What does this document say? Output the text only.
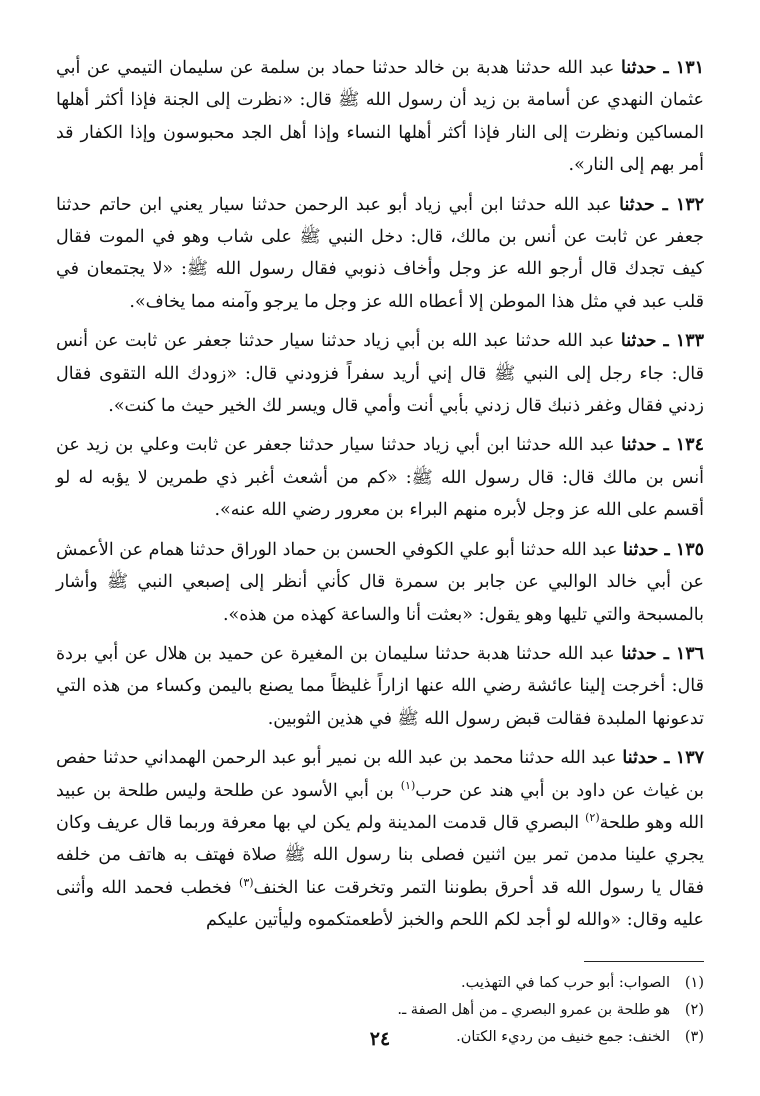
١٣١ ـ حدثنا عبد الله حدثنا هدبة بن خالد حدثنا حماد بن سلمة عن سليمان التيمي عن أبي عثمان النهدي عن أسامة بن زيد أن رسول الله ﷺ قال: «نظرت إلى الجنة فإذا أكثر أهلها المساكين ونظرت إلى النار فإذا أكثر أهلها النساء وإذا أهل الجد محبوسون وإذا الكفار قد أمر بهم إلى النار».

١٣٢ ـ حدثنا عبد الله حدثنا ابن أبي زياد أبو عبد الرحمن حدثنا سيار يعني ابن حاتم حدثنا جعفر عن ثابت عن أنس بن مالك، قال: دخل النبي ﷺ على شاب وهو في الموت فقال كيف تجدك قال أرجو الله عز وجل وأخاف ذنوبي فقال رسول الله ﷺ: «لا يجتمعان في قلب عبد في مثل هذا الموطن إلا أعطاه الله عز وجل ما يرجو وآمنه مما يخاف».

١٣٣ ـ حدثنا عبد الله حدثنا عبد الله بن أبي زياد حدثنا سيار حدثنا جعفر عن ثابت عن أنس قال: جاء رجل إلى النبي ﷺ قال إني أريد سفراً فزودني قال: «زودك الله التقوى فقال زدني فقال وغفر ذنبك قال زدني بأبي أنت وأمي قال ويسر لك الخير حيث ما كنت».

١٣٤ ـ حدثنا عبد الله حدثنا ابن أبي زياد حدثنا سيار حدثنا جعفر عن ثابت وعلي بن زيد عن أنس بن مالك قال: قال رسول الله ﷺ: «كم من أشعث أغبر ذي طمرين لا يؤبه له لو أقسم على الله عز وجل لأبره منهم البراء بن معرور رضي الله عنه».

١٣٥ ـ حدثنا عبد الله حدثنا أبو علي الكوفي الحسن بن حماد الوراق حدثنا همام عن الأعمش عن أبي خالد الوالبي عن جابر بن سمرة قال كأني أنظر إلى إصبعي النبي ﷺ وأشار بالمسبحة والتي تليها وهو يقول: «بعثت أنا والساعة كهذه من هذه».

١٣٦ ـ حدثنا عبد الله حدثنا هدبة حدثنا سليمان بن المغيرة عن حميد بن هلال عن أبي بردة قال: أخرجت إلينا عائشة رضي الله عنها ازاراً غليظاً مما يصنع باليمن وكساء من هذه التي تدعونها الملبدة فقالت قبض رسول الله ﷺ في هذين الثوبين.

١٣٧ ـ حدثنا عبد الله حدثنا محمد بن عبد الله بن نمير أبو عبد الرحمن الهمداني حدثنا حفص بن غياث عن داود بن أبي هند عن حرب$^{(١)}$ بن أبي الأسود عن طلحة وليس طلحة بن عبيد الله وهو طلحة$^{(٢)}$ البصري قال قدمت المدينة ولم يكن لي بها معرفة وربما قال عريف وكان يجري علينا مدمن تمر بين اثنين فصلى بنا رسول الله ﷺ صلاة فهتف به هاتف من خلفه فقال يا رسول الله قد أحرق بطوننا التمر وتخرقت عنا الخنف$^{(٣)}$ فخطب فحمد الله وأثنى عليه وقال: «والله لو أجد لكم اللحم والخبز لأطعمتكموه وليأتين عليكم

(١)الصواب: أبو حرب كما في التهذيب.

(٢)هو طلحة بن عمرو البصري ـ من أهل الصفة ـ.

(٣)الخنف: جمع خنيف من رديء الكتان.

٢٤
